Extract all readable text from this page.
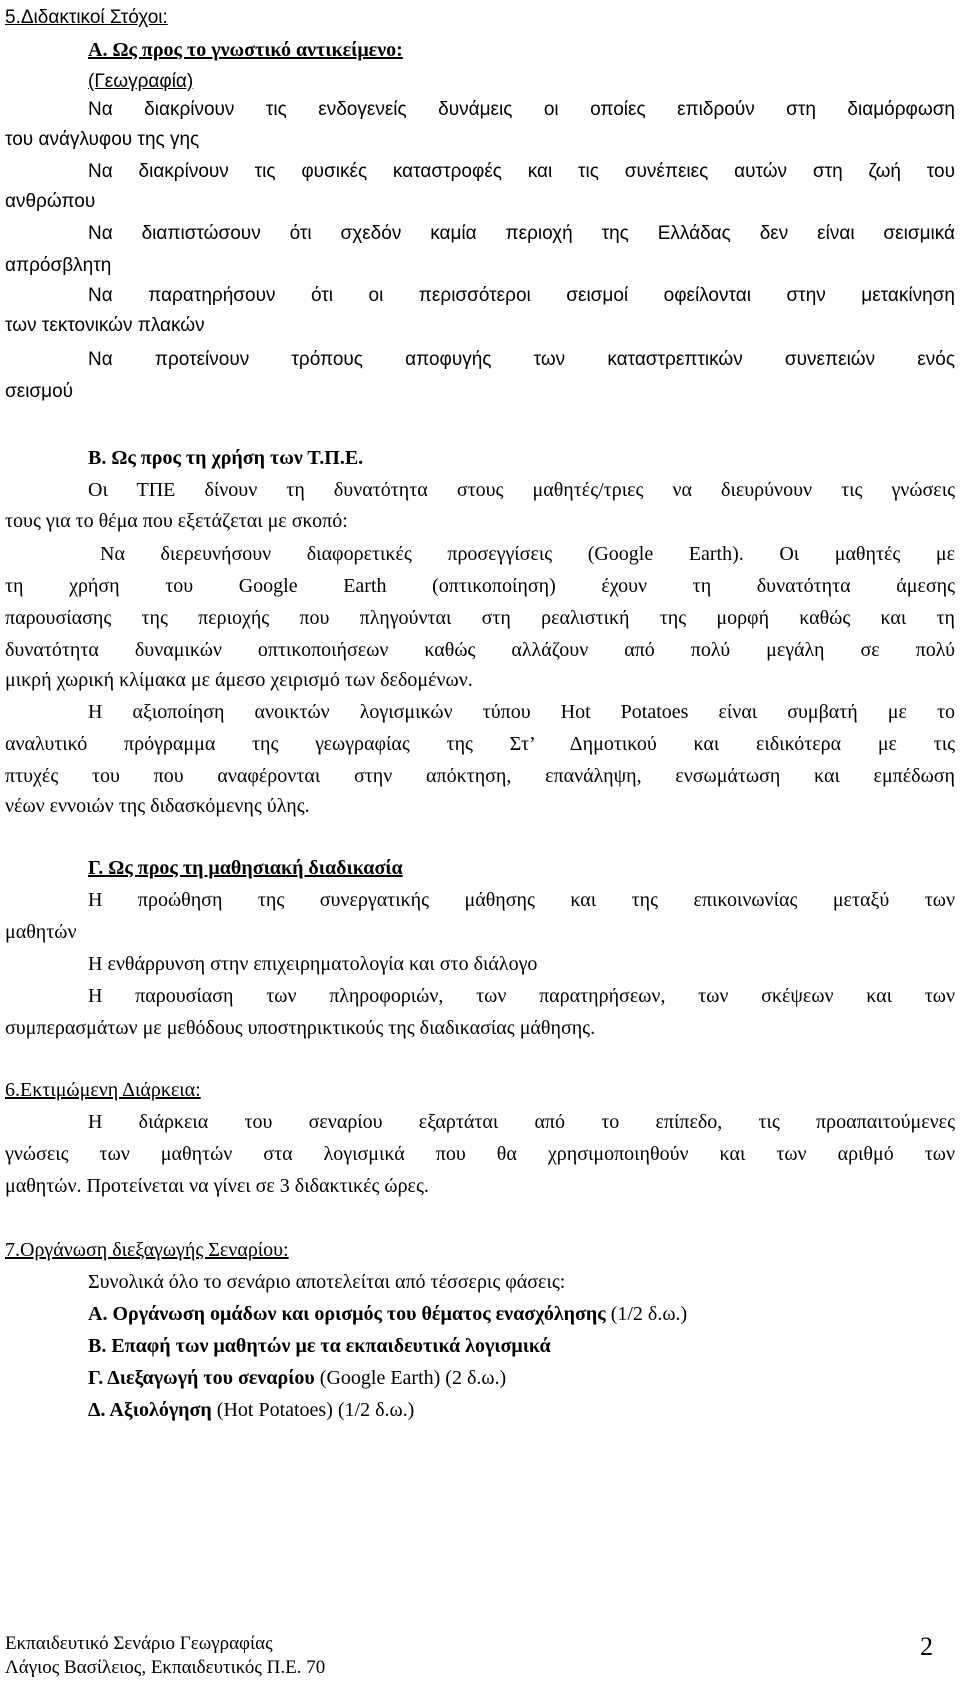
5.Διδακτικοί Στόχοι:
Α. Ως προς το γνωστικό αντικείμενο:
(Γεωγραφία)
Να διακρίνουν τις ενδογενείς δυνάμεις οι οποίες επιδρούν στη διαμόρφωση
του ανάγλυφου της γης
Να διακρίνουν τις φυσικές καταστροφές και τις συνέπειες αυτών στη ζωή του
ανθρώπου
Να διαπιστώσουν ότι σχεδόν καμία περιοχή της Ελλάδας δεν είναι σεισμικά
απρόσβλητη
Να παρατηρήσουν ότι οι περισσότεροι σεισμοί οφείλονται στην μετακίνηση
των τεκτονικών πλακών
Να προτείνουν τρόπους αποφυγής των καταστρεπτικών συνεπειών ενός
σεισμού
Β. Ως προς τη χρήση των Τ.Π.Ε.
Οι ΤΠΕ δίνουν τη δυνατότητα στους μαθητές/τριες να διευρύνουν τις γνώσεις
τους για το θέμα που εξετάζεται με σκοπό:
Να διερευνήσουν διαφορετικές προσεγγίσεις (Google Earth). Οι μαθητές με
τη χρήση του Google Earth (οπτικοποίηση) έχουν τη δυνατότητα άμεσης
παρουσίασης της περιοχής που πληγούνται στη ρεαλιστική της μορφή καθώς και τη
δυνατότητα δυναμικών οπτικοποιήσεων καθώς αλλάζουν από πολύ μεγάλη σε πολύ
μικρή χωρική κλίμακα με άμεσο χειρισμό των δεδομένων.
Η αξιοποίηση ανοικτών λογισμικών τύπου Hot Potatoes είναι συμβατή με το
αναλυτικό πρόγραμμα της γεωγραφίας της Στ’ Δημοτικού και ειδικότερα με τις
πτυχές του που αναφέρονται στην απόκτηση, επανάληψη, ενσωμάτωση και εμπέδωση
νέων εννοιών της διδασκόμενης ύλης.
Γ. Ως προς τη μαθησιακή διαδικασία
Η προώθηση της συνεργατικής μάθησης και της επικοινωνίας μεταξύ των
μαθητών
Η ενθάρρυνση στην επιχειρηματολογία και στο διάλογο
Η παρουσίαση των πληροφοριών, των παρατηρήσεων, των σκέψεων και των
συμπερασμάτων με μεθόδους υποστηρικτικούς της διαδικασίας μάθησης.
6.Εκτιμώμενη Διάρκεια:
Η διάρκεια του σεναρίου εξαρτάται από το επίπεδο, τις προαπαιτούμενες
γνώσεις των μαθητών στα λογισμικά που θα χρησιμοποιηθούν και των αριθμό των
μαθητών. Προτείνεται να γίνει σε 3 διδακτικές ώρες.
7.Οργάνωση διεξαγωγής Σεναρίου:
Συνολικά όλο το σενάριο αποτελείται από τέσσερις φάσεις:
Α. Οργάνωση ομάδων και ορισμός του θέματος ενασχόλησης (1/2 δ.ω.)
Β. Επαφή των μαθητών με τα εκπαιδευτικά λογισμικά
Γ. Διεξαγωγή του σεναρίου (Google Earth) (2 δ.ω.)
Δ. Αξιολόγηση (Hot Potatoes) (1/2 δ.ω.)
Εκπαιδευτικό Σενάριο Γεωγραφίας
Λάγιος Βασίλειος, Εκπαιδευτικός Π.Ε. 70
2
